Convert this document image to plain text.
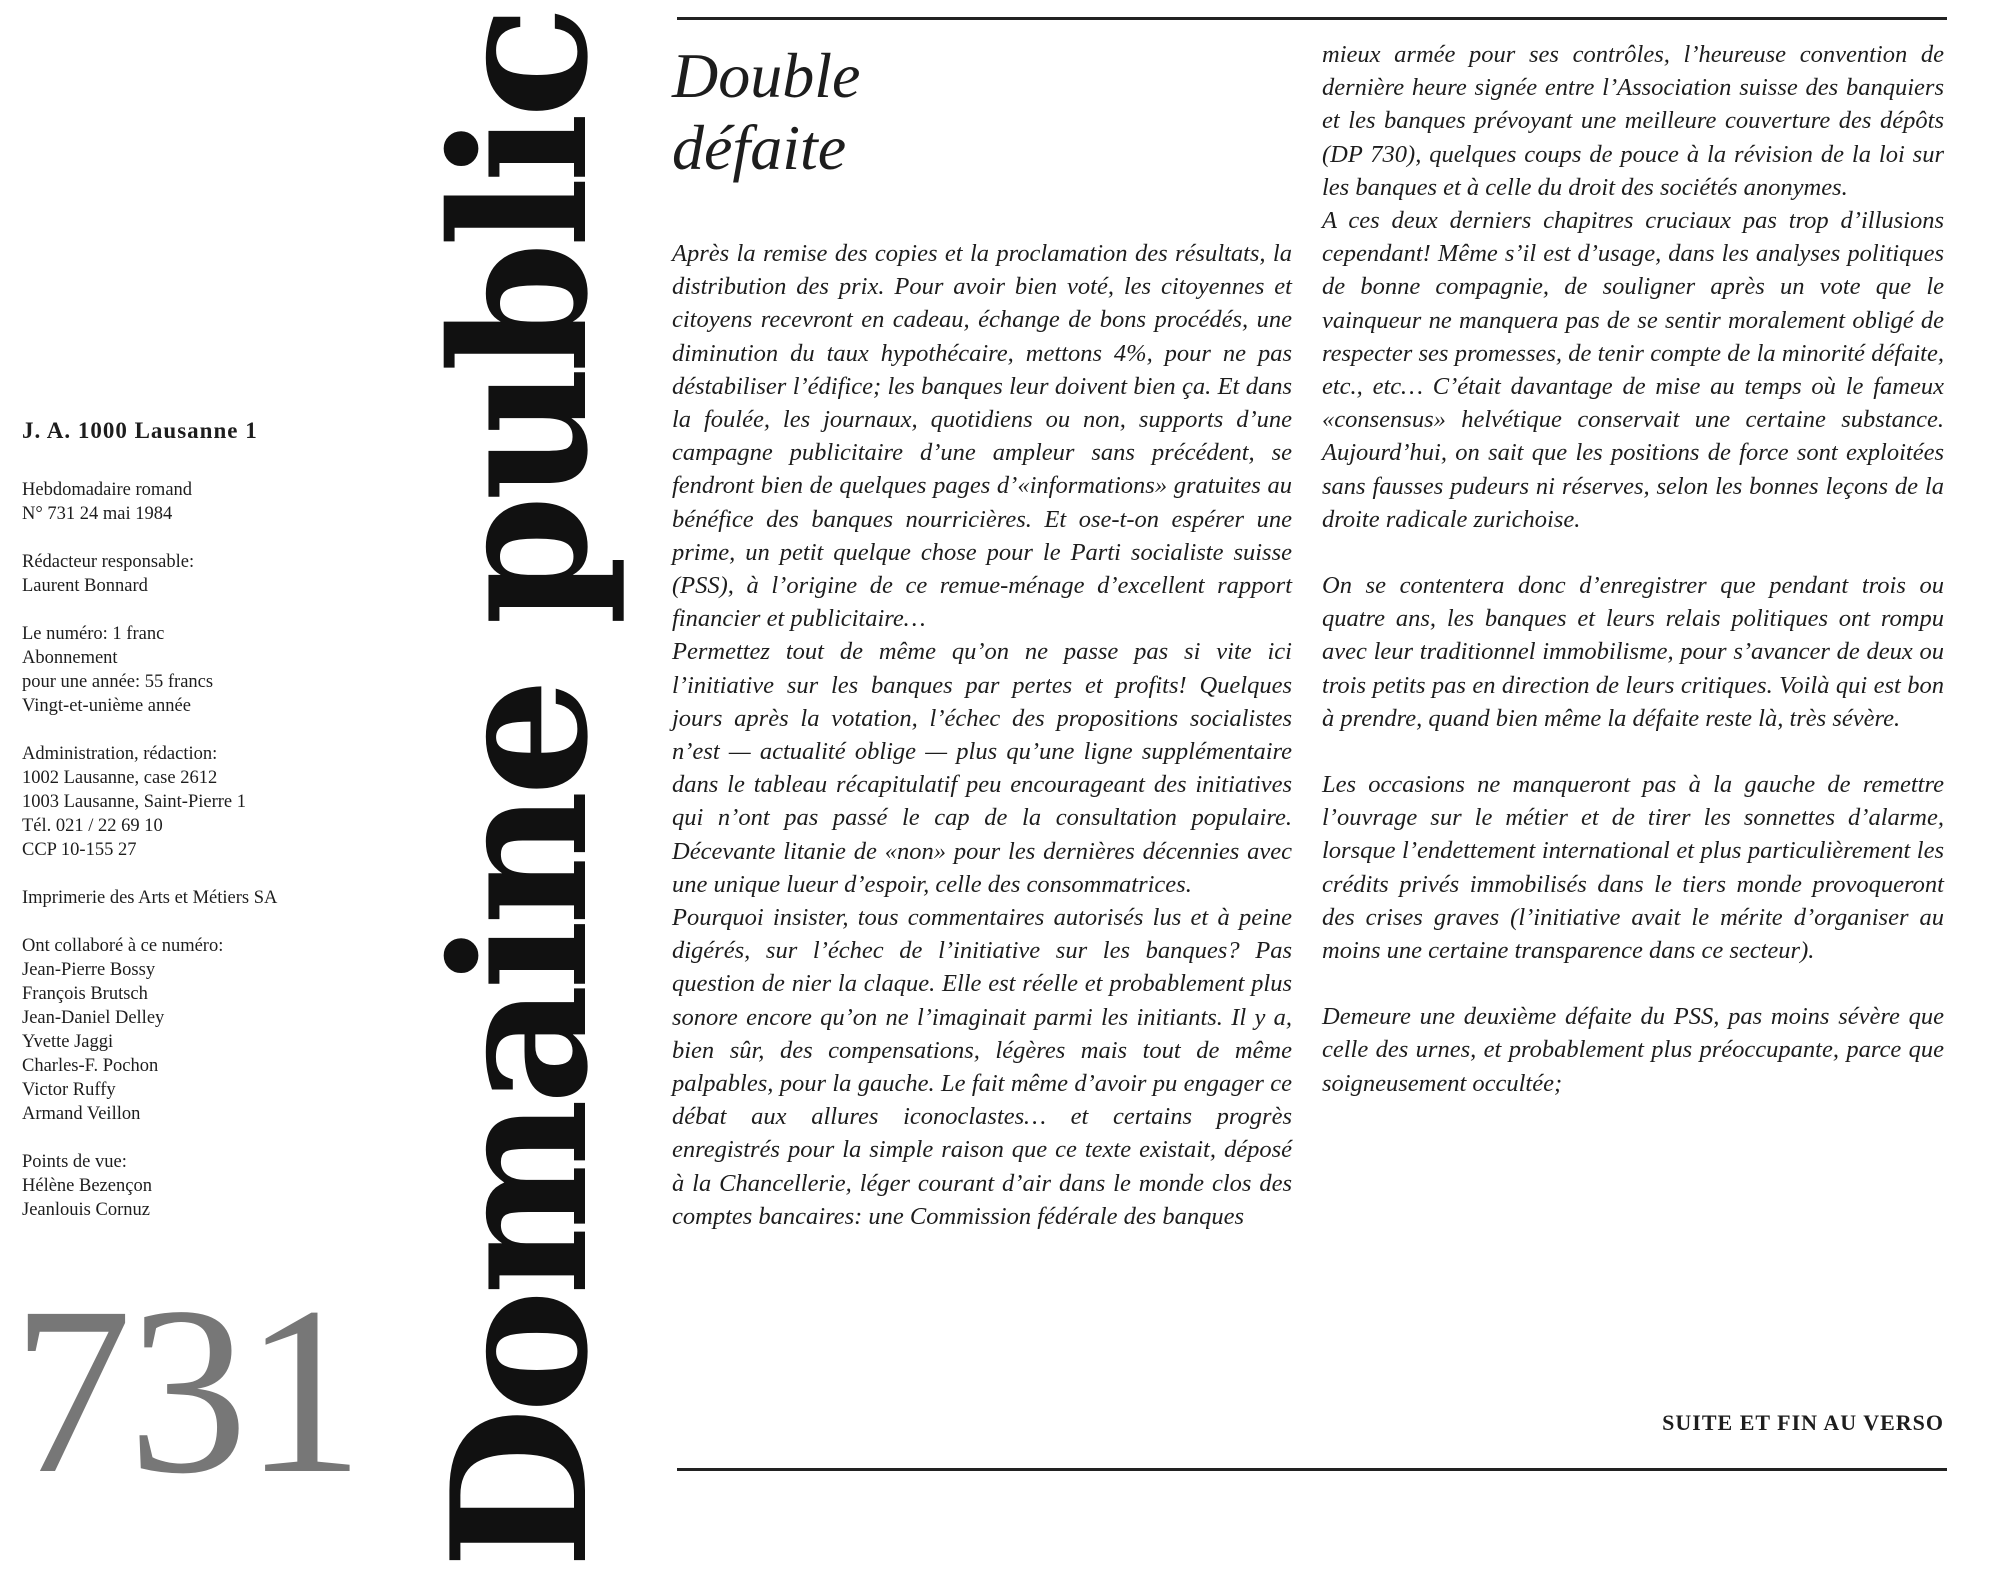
J. A. 1000 Lausanne 1
Hebdomadaire romand
N° 731 24 mai 1984
Rédacteur responsable:
Laurent Bonnard
Le numéro: 1 franc
Abonnement
pour une année: 55 francs
Vingt-et-unième année
Administration, rédaction:
1002 Lausanne, case 2612
1003 Lausanne, Saint-Pierre 1
Tél. 021 / 22 69 10
CCP 10-155 27
Imprimerie des Arts et Métiers SA
Ont collaboré à ce numéro:
Jean-Pierre Bossy
François Brutsch
Jean-Daniel Delley
Yvette Jaggi
Charles-F. Pochon
Victor Ruffy
Armand Veillon
Points de vue:
Hélène Bezençon
Jeanlouis Cornuz
731 Domaine public Double
défaite

Après la remise des copies et la proclamation des résultats, la distribution des prix. Pour avoir bien voté, les citoyennes et citoyens recevront en cadeau, échange de bons procédés, une diminution du taux hypothécaire, mettons 4%, pour ne pas déstabiliser l’édifice; les banques leur doivent bien ça. Et dans la foulée, les journaux, quotidiens ou non, supports d’une campagne publicitaire d’une ampleur sans précédent, se fendront bien de quelques pages d’«informations» gratuites au bénéfice des banques nourricières. Et ose-t-on espérer une prime, un petit quelque chose pour le Parti socialiste suisse (PSS), à l’origine de ce remue-ménage d’excellent rapport financier et publicitaire…

Permettez tout de même qu’on ne passe pas si vite ici l’initiative sur les banques par pertes et profits! Quelques jours après la votation, l’échec des propositions socialistes n’est — actualité oblige — plus qu’une ligne supplémentaire dans le tableau récapitulatif peu encourageant des initiatives qui n’ont pas passé le cap de la consultation populaire. Décevante litanie de «non» pour les dernières décennies avec une unique lueur d’espoir, celle des consommatrices.

Pourquoi insister, tous commentaires autorisés lus et à peine digérés, sur l’échec de l’initiative sur les banques? Pas question de nier la claque. Elle est réelle et probablement plus sonore encore qu’on ne l’imaginait parmi les initiants. Il y a, bien sûr, des compensations, légères mais tout de même palpables, pour la gauche. Le fait même d’avoir pu engager ce débat aux allures iconoclastes… et certains progrès enregistrés pour la simple raison que ce texte existait, déposé à la Chancellerie, léger courant d’air dans le monde clos des comptes bancaires: une Commission fédérale des banques

mieux armée pour ses contrôles, l’heureuse convention de dernière heure signée entre l’Association suisse des banquiers et les banques prévoyant une meilleure couverture des dépôts (DP 730), quelques coups de pouce à la révision de la loi sur les banques et à celle du droit des sociétés anonymes.

A ces deux derniers chapitres cruciaux pas trop d’illusions cependant! Même s’il est d’usage, dans les analyses politiques de bonne compagnie, de souligner après un vote que le vainqueur ne manquera pas de se sentir moralement obligé de respecter ses promesses, de tenir compte de la minorité défaite, etc., etc… C’était davantage de mise au temps où le fameux «consensus» helvétique conservait une certaine substance. Aujourd’hui, on sait que les positions de force sont exploitées sans fausses pudeurs ni réserves, selon les bonnes leçons de la droite radicale zurichoise.

On se contentera donc d’enregistrer que pendant trois ou quatre ans, les banques et leurs relais politiques ont rompu avec leur traditionnel immobilisme, pour s’avancer de deux ou trois petits pas en direction de leurs critiques. Voilà qui est bon à prendre, quand bien même la défaite reste là, très sévère.

Les occasions ne manqueront pas à la gauche de remettre l’ouvrage sur le métier et de tirer les sonnettes d’alarme, lorsque l’endettement international et plus particulièrement les crédits privés immobilisés dans le tiers monde provoqueront des crises graves (l’initiative avait le mérite d’organiser au moins une certaine transparence dans ce secteur).

Demeure une deuxième défaite du PSS, pas moins sévère que celle des urnes, et probablement plus préoccupante, parce que soigneusement occultée;

SUITE ET FIN AU VERSO
